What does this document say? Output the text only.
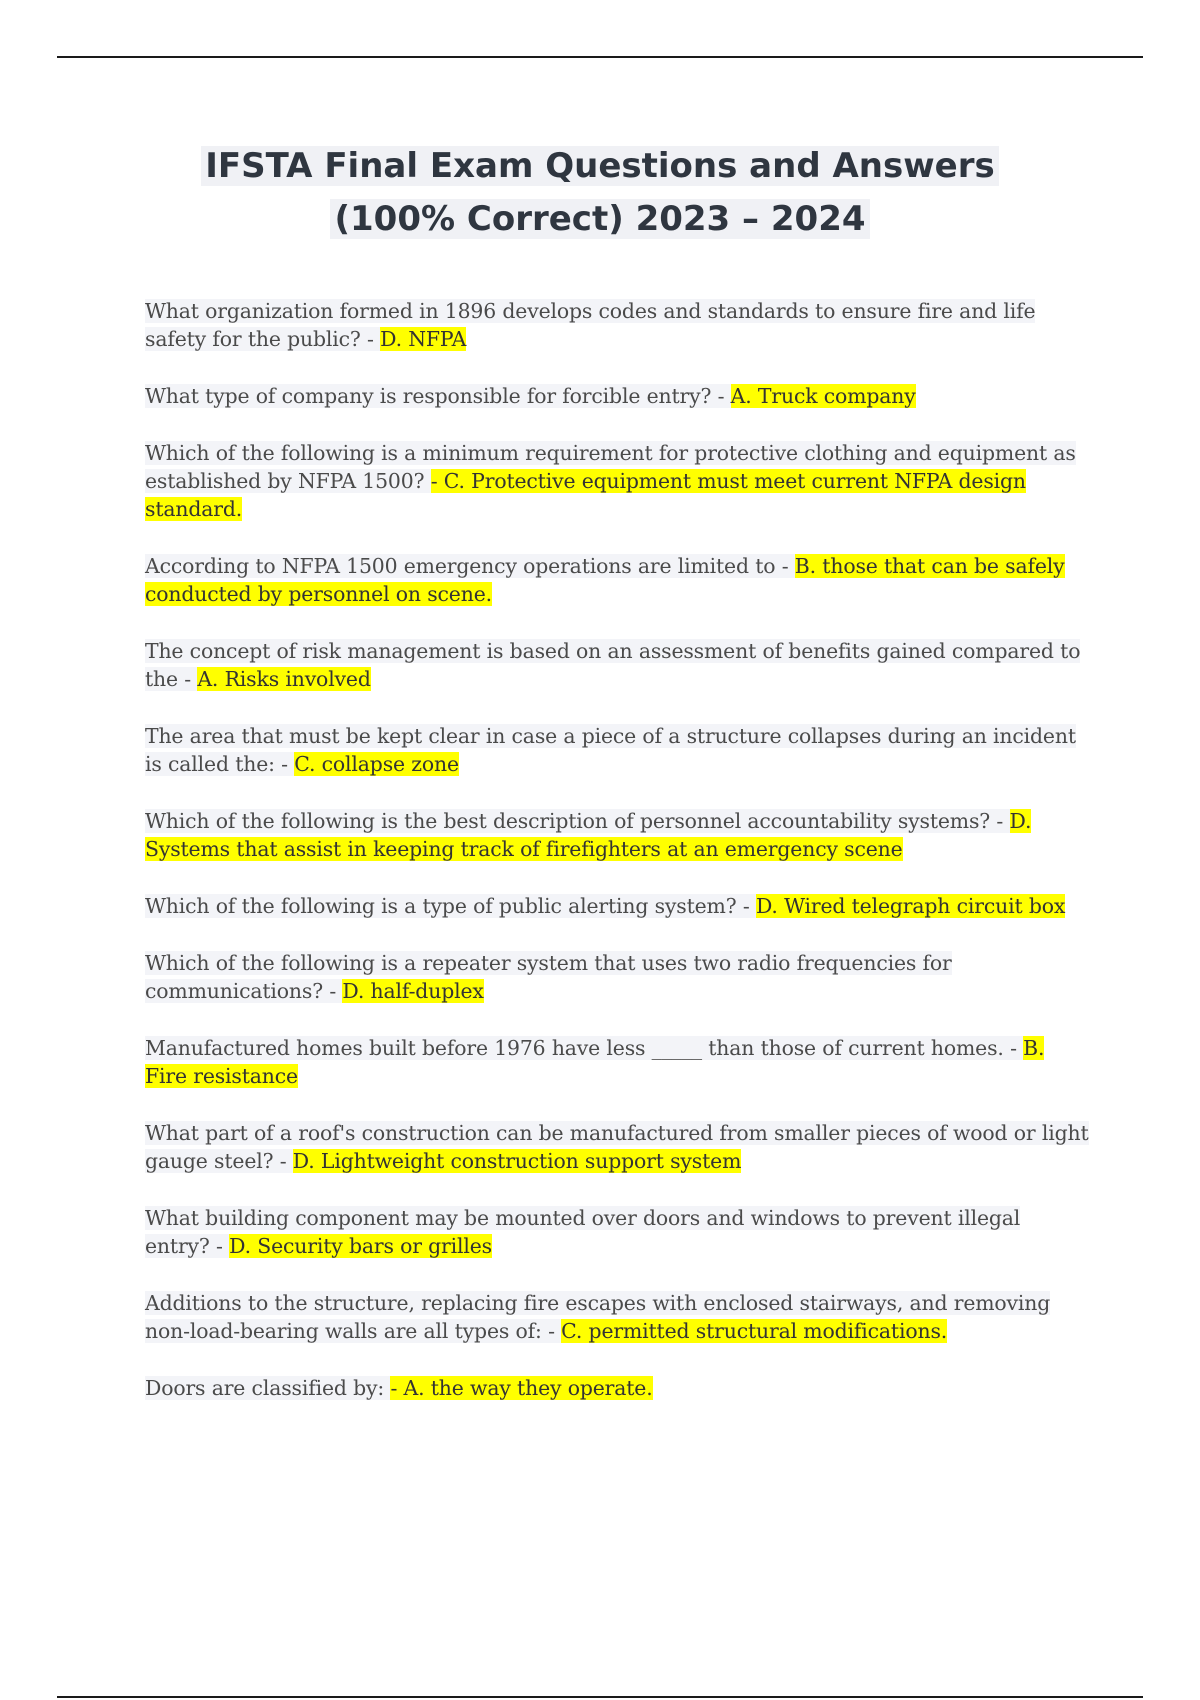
IFSTA Final Exam Questions and Answers
(100% Correct) 2023 – 2024

What organization formed in 1896 develops codes and standards to ensure fire and life safety for the public? - D. NFPA

What type of company is responsible for forcible entry? - A. Truck company

Which of the following is a minimum requirement for protective clothing and equipment as established by NFPA 1500? - C. Protective equipment must meet current NFPA design standard.

According to NFPA 1500 emergency operations are limited to - B. those that can be safely conducted by personnel on scene.

The concept of risk management is based on an assessment of benefits gained compared to the - A. Risks involved

The area that must be kept clear in case a piece of a structure collapses during an incident is called the: - C. collapse zone

Which of the following is the best description of personnel accountability systems? - D. Systems that assist in keeping track of firefighters at an emergency scene

Which of the following is a type of public alerting system? - D. Wired telegraph circuit box

Which of the following is a repeater system that uses two radio frequencies for communications? - D. half-duplex

Manufactured homes built before 1976 have less _____ than those of current homes. - B. Fire resistance

What part of a roof's construction can be manufactured from smaller pieces of wood or light gauge steel? - D. Lightweight construction support system

What building component may be mounted over doors and windows to prevent illegal entry? - D. Security bars or grilles

Additions to the structure, replacing fire escapes with enclosed stairways, and removing non-load-bearing walls are all types of: - C. permitted structural modifications.

Doors are classified by: - A. the way they operate.
